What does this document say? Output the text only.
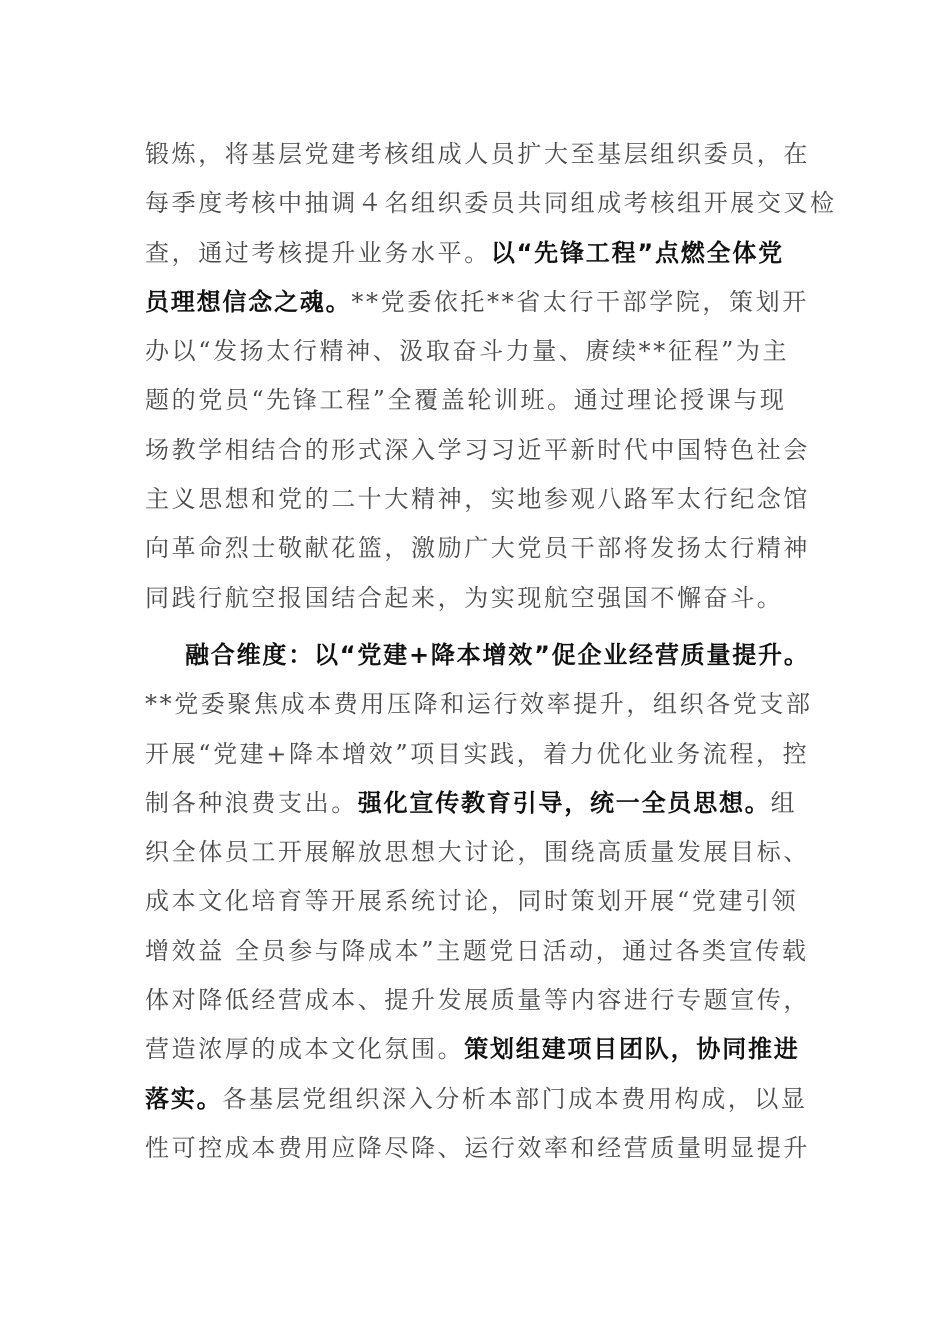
锻炼，将基层党建考核组成人员扩大至基层组织委员，在
每季度考核中抽调４名组织委员共同组成考核组开展交叉检
查，通过考核提升业务水平。以“先锋工程”点燃全体党
员理想信念之魂。**党委依托**省太行干部学院，策划开
办以“发扬太行精神、汲取奋斗力量、赓续**征程”为主
题的党员“先锋工程”全覆盖轮训班。通过理论授课与现
场教学相结合的形式深入学习习近平新时代中国特色社会
主义思想和党的二十大精神，实地参观八路军太行纪念馆
向革命烈士敬献花篮，激励广大党员干部将发扬太行精神
同践行航空报国结合起来，为实现航空强国不懈奋斗。
融合维度：以“党建+降本增效”促企业经营质量提升。
**党委聚焦成本费用压降和运行效率提升，组织各党支部
开展“党建+降本增效”项目实践，着力优化业务流程，控
制各种浪费支出。强化宣传教育引导，统一全员思想。组
织全体员工开展解放思想大讨论，围绕高质量发展目标、
成本文化培育等开展系统讨论，同时策划开展“党建引领
增效益 全员参与降成本”主题党日活动，通过各类宣传载
体对降低经营成本、提升发展质量等内容进行专题宣传，
营造浓厚的成本文化氛围。策划组建项目团队，协同推进
落实。各基层党组织深入分析本部门成本费用构成，以显
性可控成本费用应降尽降、运行效率和经营质量明显提升
